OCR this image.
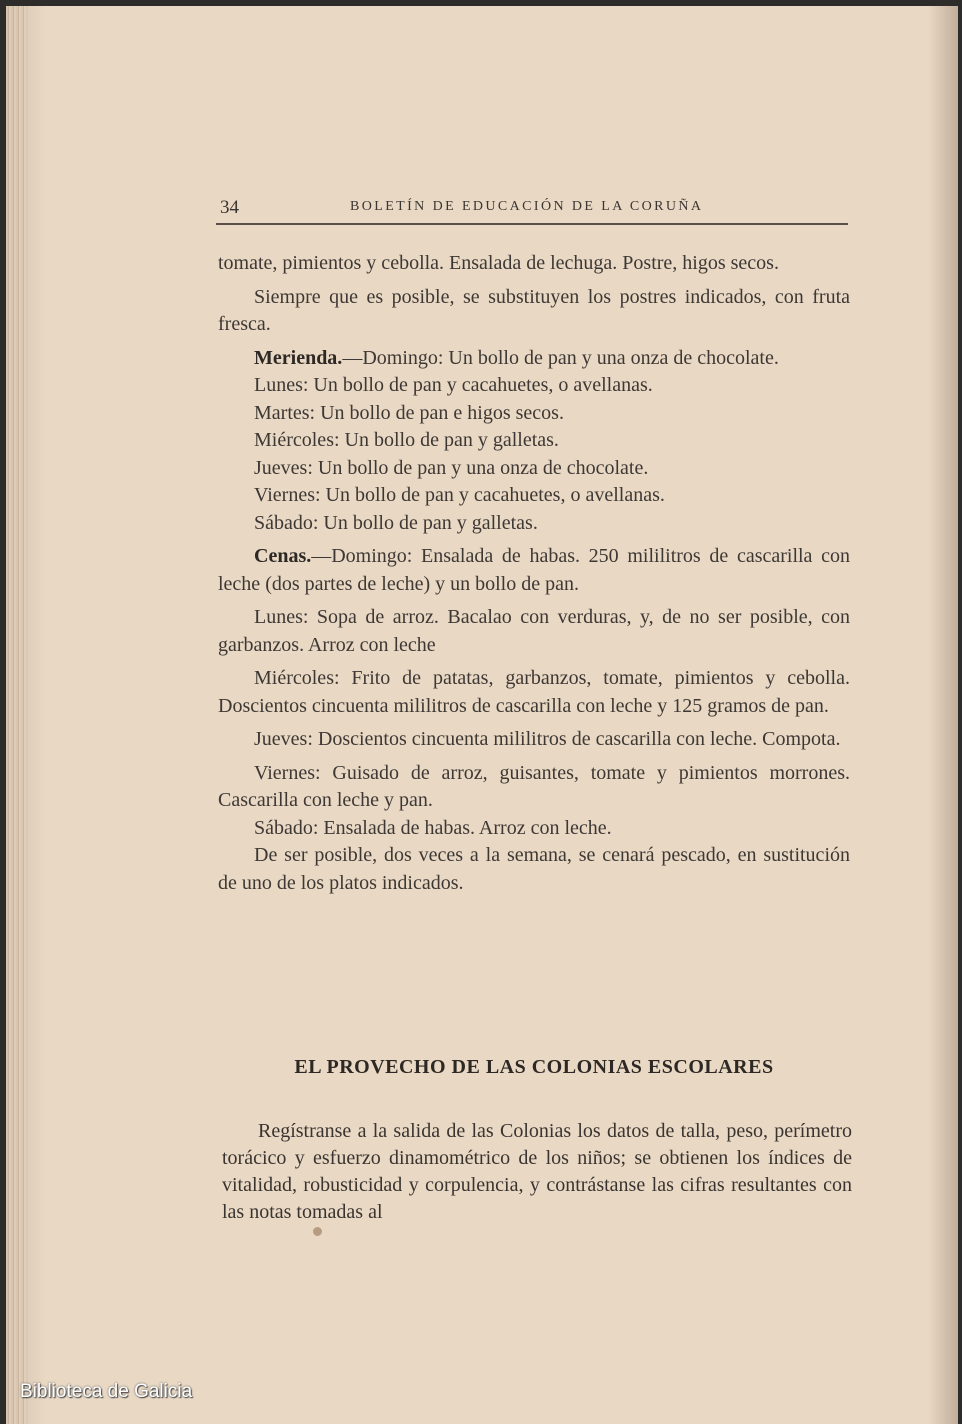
34	BOLETÍN DE EDUCACIÓN DE LA CORUÑA

tomate, pimientos y cebolla. Ensalada de lechuga. Postre, higos secos.

Siempre que es posible, se substituyen los postres indicados, con fruta fresca.

Merienda.—Domingo: Un bollo de pan y una onza de chocolate.

Lunes: Un bollo de pan y cacahuetes, o avellanas.

Martes: Un bollo de pan e higos secos.

Miércoles: Un bollo de pan y galletas.

Jueves: Un bollo de pan y una onza de chocolate.

Viernes: Un bollo de pan y cacahuetes, o avellanas.

Sábado: Un bollo de pan y galletas.

Cenas.—Domingo: Ensalada de habas. 250 mililitros de cascarilla con leche (dos partes de leche) y un bollo de pan.

Lunes: Sopa de arroz. Bacalao con verduras, y, de no ser posible, con garbanzos. Arroz con leche

Miércoles: Frito de patatas, garbanzos, tomate, pimientos y cebolla. Doscientos cincuenta mililitros de cascarilla con leche y 125 gramos de pan.

Jueves: Doscientos cincuenta mililitros de cascarilla con leche. Compota.

Viernes: Guisado de arroz, guisantes, tomate y pimientos morrones. Cascarilla con leche y pan.

Sábado: Ensalada de habas. Arroz con leche.

De ser posible, dos veces a la semana, se cenará pescado, en sustitución de uno de los platos indicados.

EL PROVECHO DE LAS COLONIAS ESCOLARES

Regístranse a la salida de las Colonias los datos de talla, peso, perímetro torácico y esfuerzo dinamométrico de los niños; se obtienen los índices de vitalidad, robusticidad y corpulencia, y contrástanse las cifras resultantes con las notas tomadas al

Biblioteca de Galicia
